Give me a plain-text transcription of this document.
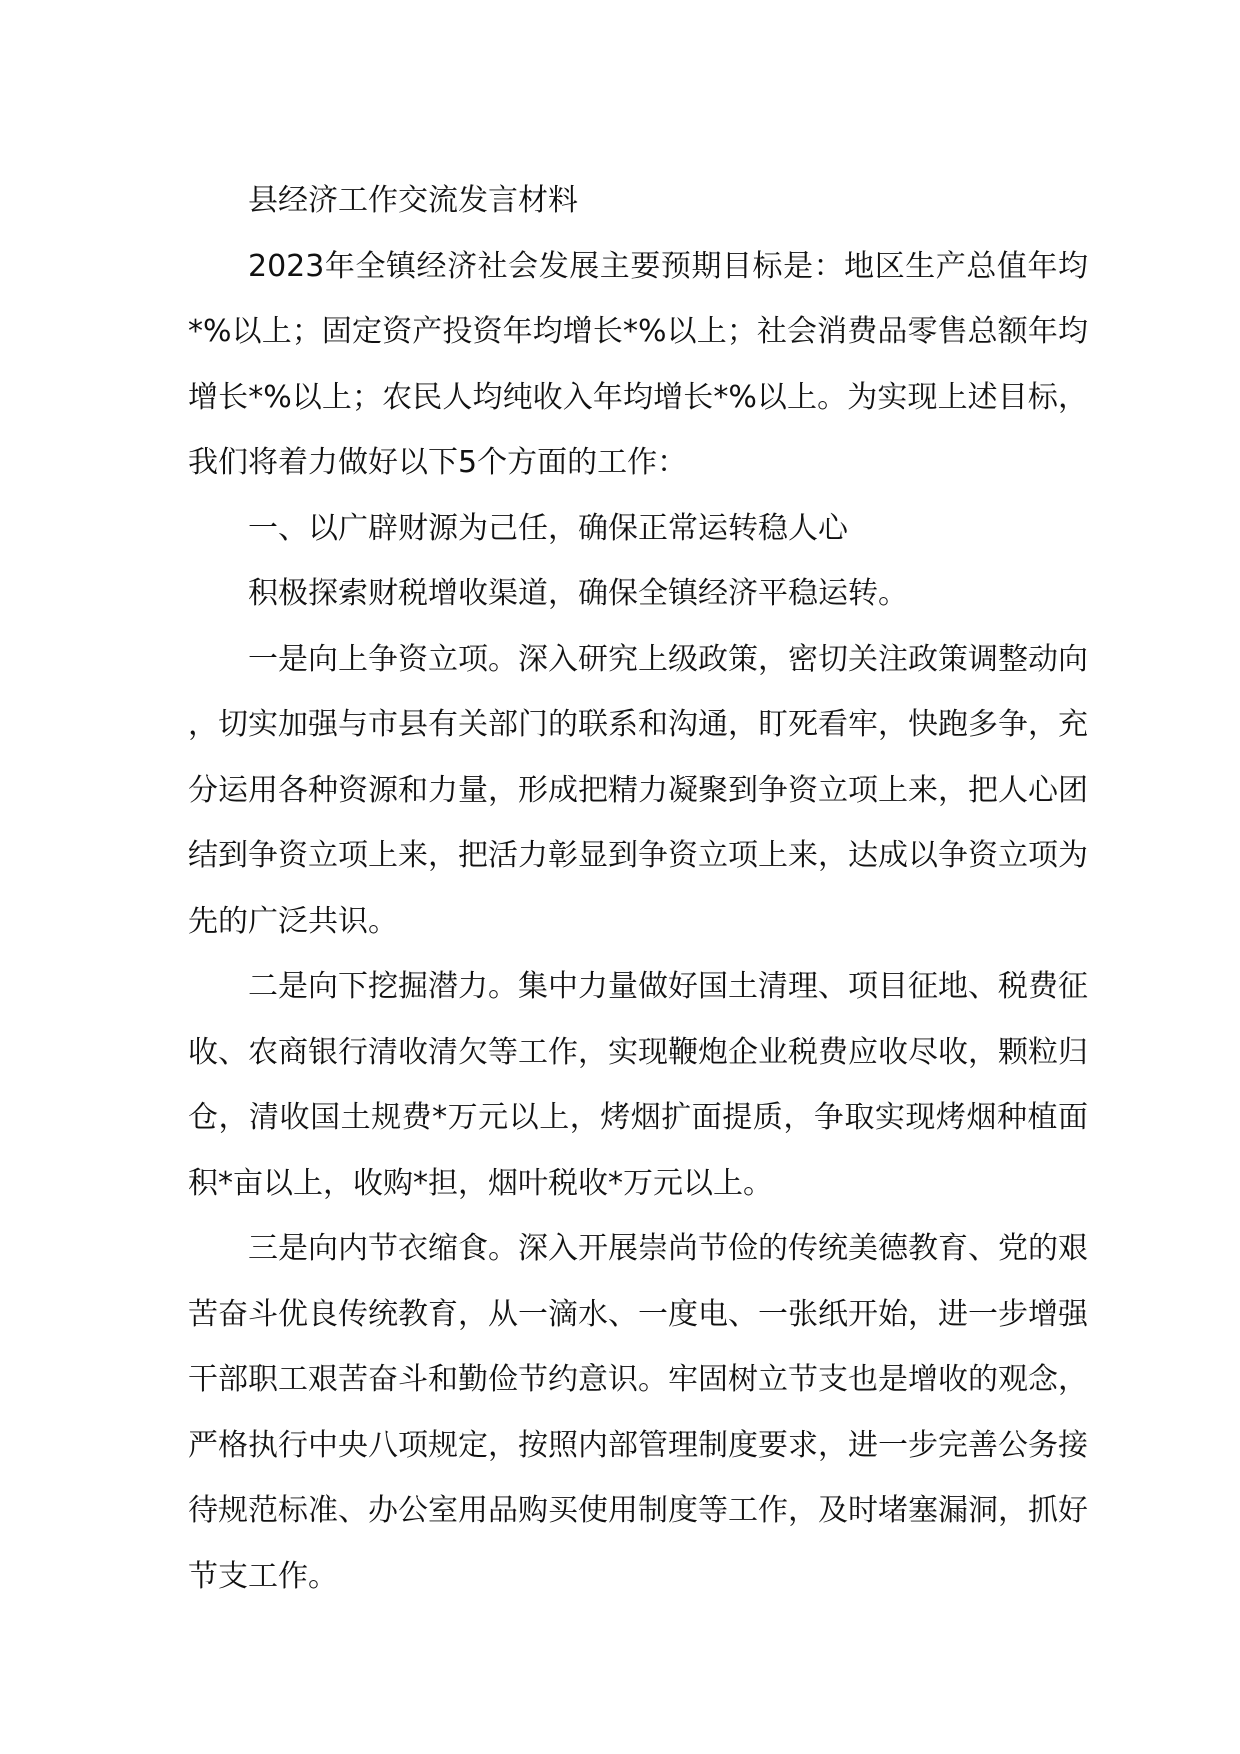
县经济工作交流发言材料

2023年全镇经济社会发展主要预期目标是：地区生产总值年均*%以上；固定资产投资年均增长*%以上；社会消费品零售总额年均增长*%以上；农民人均纯收入年均增长*%以上。为实现上述目标，我们将着力做好以下5个方面的工作：

一、以广辟财源为己任，确保正常运转稳人心

积极探索财税增收渠道，确保全镇经济平稳运转。

一是向上争资立项。深入研究上级政策，密切关注政策调整动向，切实加强与市县有关部门的联系和沟通，盯死看牢，快跑多争，充分运用各种资源和力量，形成把精力凝聚到争资立项上来，把人心团结到争资立项上来，把活力彰显到争资立项上来，达成以争资立项为先的广泛共识。

二是向下挖掘潜力。集中力量做好国土清理、项目征地、税费征收、农商银行清收清欠等工作，实现鞭炮企业税费应收尽收，颗粒归仓，清收国土规费*万元以上，烤烟扩面提质，争取实现烤烟种植面积*亩以上，收购*担，烟叶税收*万元以上。

三是向内节衣缩食。深入开展崇尚节俭的传统美德教育、党的艰苦奋斗优良传统教育，从一滴水、一度电、一张纸开始，进一步增强干部职工艰苦奋斗和勤俭节约意识。牢固树立节支也是增收的观念，严格执行中央八项规定，按照内部管理制度要求，进一步完善公务接待规范标准、办公室用品购买使用制度等工作，及时堵塞漏洞，抓好节支工作。
